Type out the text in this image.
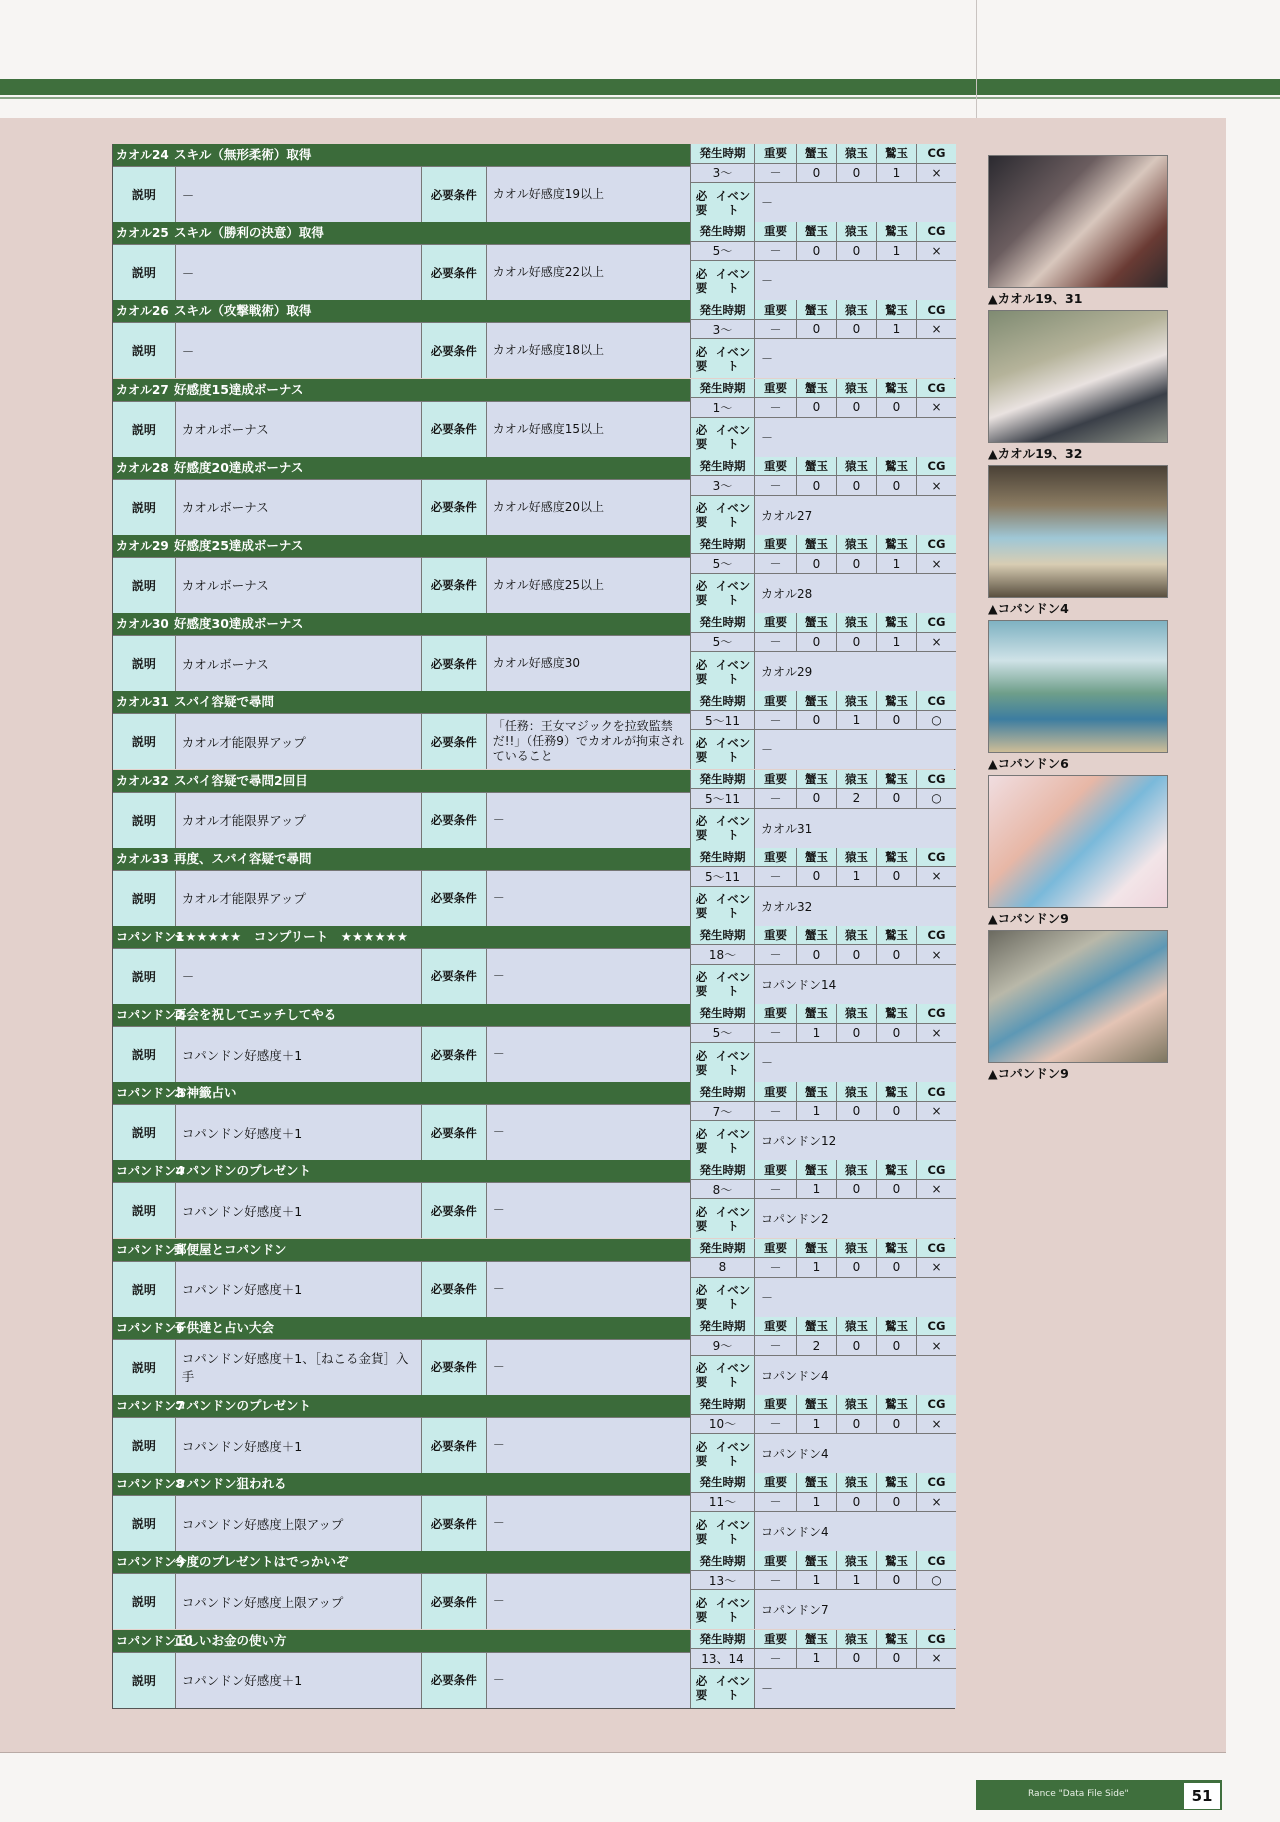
カオル24 スキル（無形柔術）取得
説明	－	必要条件	カオル好感度19以上
発生時期	重要	蟹玉	猿玉	鷲玉	CG
3～	－	0	0	1	×
必要

イベント	－
カオル25 スキル（勝利の決意）取得
説明	－	必要条件	カオル好感度22以上
発生時期	重要	蟹玉	猿玉	鷲玉	CG
5～	－	0	0	1	×
必要

イベント	－
カオル26 スキル（攻撃戦術）取得
説明	－	必要条件	カオル好感度18以上
発生時期	重要	蟹玉	猿玉	鷲玉	CG
3～	－	0	0	1	×
必要

イベント	－
カオル27 好感度15達成ボーナス
説明	カオルボーナス	必要条件	カオル好感度15以上
発生時期	重要	蟹玉	猿玉	鷲玉	CG
1～	－	0	0	0	×
必要

イベント	－
カオル28 好感度20達成ボーナス
説明	カオルボーナス	必要条件	カオル好感度20以上
発生時期	重要	蟹玉	猿玉	鷲玉	CG
3～	－	0	0	0	×
必要

イベント	カオル27
カオル29 好感度25達成ボーナス
説明	カオルボーナス	必要条件	カオル好感度25以上
発生時期	重要	蟹玉	猿玉	鷲玉	CG
5～	－	0	0	1	×
必要

イベント	カオル28
カオル30 好感度30達成ボーナス
説明	カオルボーナス	必要条件	カオル好感度30
発生時期	重要	蟹玉	猿玉	鷲玉	CG
5～	－	0	0	1	×
必要

イベント	カオル29
カオル31 スパイ容疑で尋問
説明	カオル才能限界アップ	必要条件
「任務：王女マジックを拉致監禁だ!!」（任務9）でカオルが拘束されていること
発生時期	重要	蟹玉	猿玉	鷲玉	CG
5～11	－	0	1	0	○
必要

イベント	－
カオル32 スパイ容疑で尋問2回目
説明	カオル才能限界アップ	必要条件	－
発生時期	重要	蟹玉	猿玉	鷲玉	CG
5～11	－	0	2	0	○
必要

イベント	カオル31
カオル33 再度、スパイ容疑で尋問
説明	カオル才能限界アップ	必要条件	－
発生時期	重要	蟹玉	猿玉	鷲玉	CG
5～11	－	0	1	0	×
必要

イベント	カオル32
コパンドン1★★★★★★　コンプリート　★★★★★★
説明	－	必要条件	－
発生時期	重要	蟹玉	猿玉	鷲玉	CG
18～	－	0	0	0	×
必要

イベント	コパンドン14
コパンドン2再会を祝してエッチしてやる
説明	コパンドン好感度＋1	必要条件	－
発生時期	重要	蟹玉	猿玉	鷲玉	CG
5～	－	1	0	0	×
必要

イベント	－
コパンドン3お神籤占い
説明	コパンドン好感度＋1	必要条件	－
発生時期	重要	蟹玉	猿玉	鷲玉	CG
7～	－	1	0	0	×
必要

イベント	コパンドン12
コパンドン4コパンドンのプレゼント
説明	コパンドン好感度＋1	必要条件	－
発生時期	重要	蟹玉	猿玉	鷲玉	CG
8～	－	1	0	0	×
必要

イベント	コパンドン2
コパンドン5郵便屋とコパンドン
説明	コパンドン好感度＋1	必要条件	－
発生時期	重要	蟹玉	猿玉	鷲玉	CG
8	－	1	0	0	×
必要

イベント	－
コパンドン6子供達と占い大会
説明
コパンドン好感度＋1、［ねこる金貨］入手
必要条件	－
発生時期	重要	蟹玉	猿玉	鷲玉	CG
9～	－	2	0	0	×
必要

イベント	コパンドン4
コパンドン7コパンドンのプレゼント
説明	コパンドン好感度＋1	必要条件	－
発生時期	重要	蟹玉	猿玉	鷲玉	CG
10～	－	1	0	0	×
必要

イベント	コパンドン4
コパンドン8コパンドン狙われる
説明	コパンドン好感度上限アップ	必要条件	－
発生時期	重要	蟹玉	猿玉	鷲玉	CG
11～	－	1	0	0	×
必要

イベント	コパンドン4
コパンドン9今度のプレゼントはでっかいぞ
説明	コパンドン好感度上限アップ	必要条件	－
発生時期	重要	蟹玉	猿玉	鷲玉	CG
13～	－	1	1	0	○
必要

イベント	コパンドン7
コパンドン10正しいお金の使い方
説明	コパンドン好感度＋1	必要条件	－
発生時期	重要	蟹玉	猿玉	鷲玉	CG
13、14	－	1	0	0	×
必要

イベント	－
▲カオル19、31
▲カオル19、32
▲コパンドン4
▲コパンドン6
▲コパンドン9
▲コパンドン9
Rance "Data File Side"	51
